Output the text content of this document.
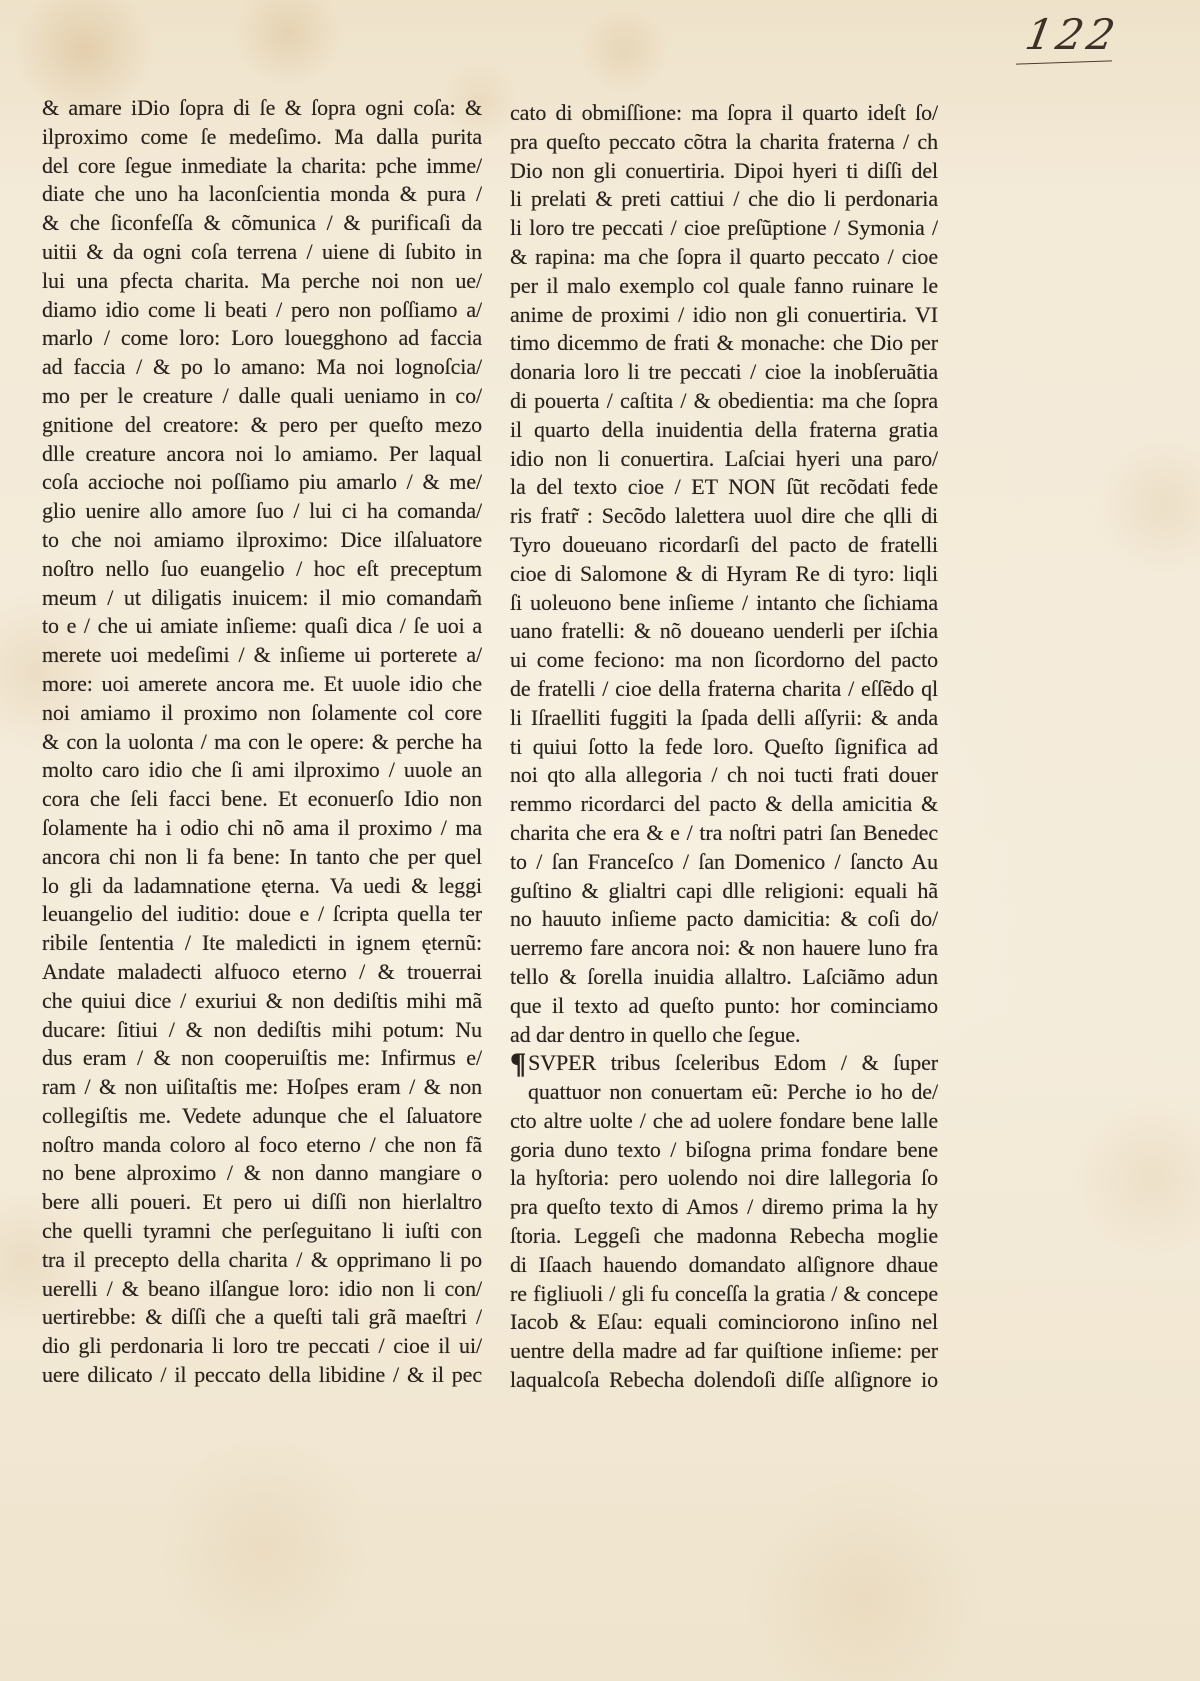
122
& amare iDio ſopra di ſe & ſopra ogni coſa: &
ilproximo come ſe medeſimo. Ma dalla purita
del core ſegue inmediate la charita: pche imme/
diate che uno ha laconſcientia monda & pura /
& che ſiconfeſſa & cõmunica / & purificaſi da
uitii & da ogni coſa terrena / uiene di ſubito in
lui una pfecta charita. Ma perche noi non ue/
diamo idio come li beati / pero non poſſiamo a/
marlo / come loro: Loro louegghono ad faccia
ad faccia / & po lo amano: Ma noi lognoſcia/
mo per le creature / dalle quali ueniamo in co/
gnitione del creatore: & pero per queſto mezo
dlle creature ancora noi lo amiamo. Per laqual
coſa accioche noi poſſiamo piu amarlo / & me/
glio uenire allo amore ſuo / lui ci ha comanda/
to che noi amiamo ilproximo: Dice ilſaluatore
noſtro nello ſuo euangelio / hoc eſt preceptum
meum / ut diligatis inuicem: il mio comandam̃
to e / che ui amiate inſieme: quaſi dica / ſe uoi a
merete uoi medeſimi / & inſieme ui porterete a/
more: uoi amerete ancora me. Et uuole idio che
noi amiamo il proximo non ſolamente col core
& con la uolonta / ma con le opere: & perche ha
molto caro idio che ſi ami ilproximo / uuole an
cora che ſeli facci bene. Et econuerſo Idio non
ſolamente ha i odio chi nõ ama il proximo / ma
ancora chi non li fa bene: In tanto che per quel
lo gli da ladamnatione ęterna. Va uedi & leggi
leuangelio del iuditio: doue e / ſcripta quella ter
ribile ſententia / Ite maledicti in ignem ęternũ:
Andate maladecti alfuoco eterno / & trouerrai
che quiui dice / exuriui & non dediſtis mihi mã
ducare: ſitiui / & non dediſtis mihi potum: Nu
dus eram / & non cooperuiſtis me: Infirmus e/
ram / & non uiſitaſtis me: Hoſpes eram / & non
collegiſtis me. Vedete adunque che el ſaluatore
noſtro manda coloro al foco eterno / che non fã
no bene alproximo / & non danno mangiare o
bere alli poueri. Et pero ui diſſi non hierlaltro
che quelli tyramni che perſeguitano li iuſti con
tra il precepto della charita / & opprimano li po
uerelli / & beano ilſangue loro: idio non li con/
uertirebbe: & diſſi che a queſti tali grã maeſtri /
dio gli perdonaria li loro tre peccati / cioe il ui/
uere dilicato / il peccato della libidine / & il pec
cato di obmiſſione: ma ſopra il quarto ideſt ſo/
pra queſto peccato cõtra la charita fraterna / ch
Dio non gli conuertiria. Dipoi hyeri ti diſſi del
li prelati & preti cattiui / che dio li perdonaria
li loro tre peccati / cioe preſũptione / Symonia /
& rapina: ma che ſopra il quarto peccato / cioe
per il malo exemplo col quale fanno ruinare le
anime de proximi / idio non gli conuertiria. VI
timo dicemmo de frati & monache: che Dio per
donaria loro li tre peccati / cioe la inobſeruãtia
di pouerta / caſtita / & obedientia: ma che ſopra
il quarto della inuidentia della fraterna gratia
idio non li conuertira. Laſciai hyeri una paro/
la del texto cioe / ET NON ſũt recõdati fede
ris fratr̃ : Secõdo lalettera uuol dire che qlli di
Tyro doueuano ricordarſi del pacto de fratelli
cioe di Salomone & di Hyram Re di tyro: liqli
ſi uoleuono bene inſieme / intanto che ſichiama
uano fratelli: & nõ doueano uenderli per iſchia
ui come feciono: ma non ſicordorno del pacto
de fratelli / cioe della fraterna charita / eſſẽdo ql
li Iſraelliti fuggiti la ſpada delli aſſyrii: & anda
ti quiui ſotto la fede loro. Queſto ſignifica ad
noi qto alla allegoria / ch noi tucti frati douer
remmo ricordarci del pacto & della amicitia &
charita che era & e / tra noſtri patri ſan Benedec
to / ſan Franceſco / ſan Domenico / ſancto Au
guſtino & glialtri capi dlle religioni: equali hã
no hauuto inſieme pacto damicitia: & coſi do/
uerremo fare ancora noi: & non hauere luno fra
tello & ſorella inuidia allaltro. Laſciãmo adun
que il texto ad queſto punto: hor cominciamo
ad dar dentro in quello che ſegue.
¶SVPER tribus ſceleribus Edom / & ſuper
quattuor non conuertam eũ: Perche io ho de/
cto altre uolte / che ad uolere fondare bene lalle
goria duno texto / biſogna prima fondare bene
la hyſtoria: pero uolendo noi dire lallegoria ſo
pra queſto texto di Amos / diremo prima la hy
ſtoria. Leggeſi che madonna Rebecha moglie
di Iſaach hauendo domandato alſignore dhaue
re figliuoli / gli fu conceſſa la gratia / & concepe
Iacob & Eſau: equali cominciorono inſino nel
uentre della madre ad far quiſtione inſieme: per
laqualcoſa Rebecha dolendoſi diſſe alſignore io
